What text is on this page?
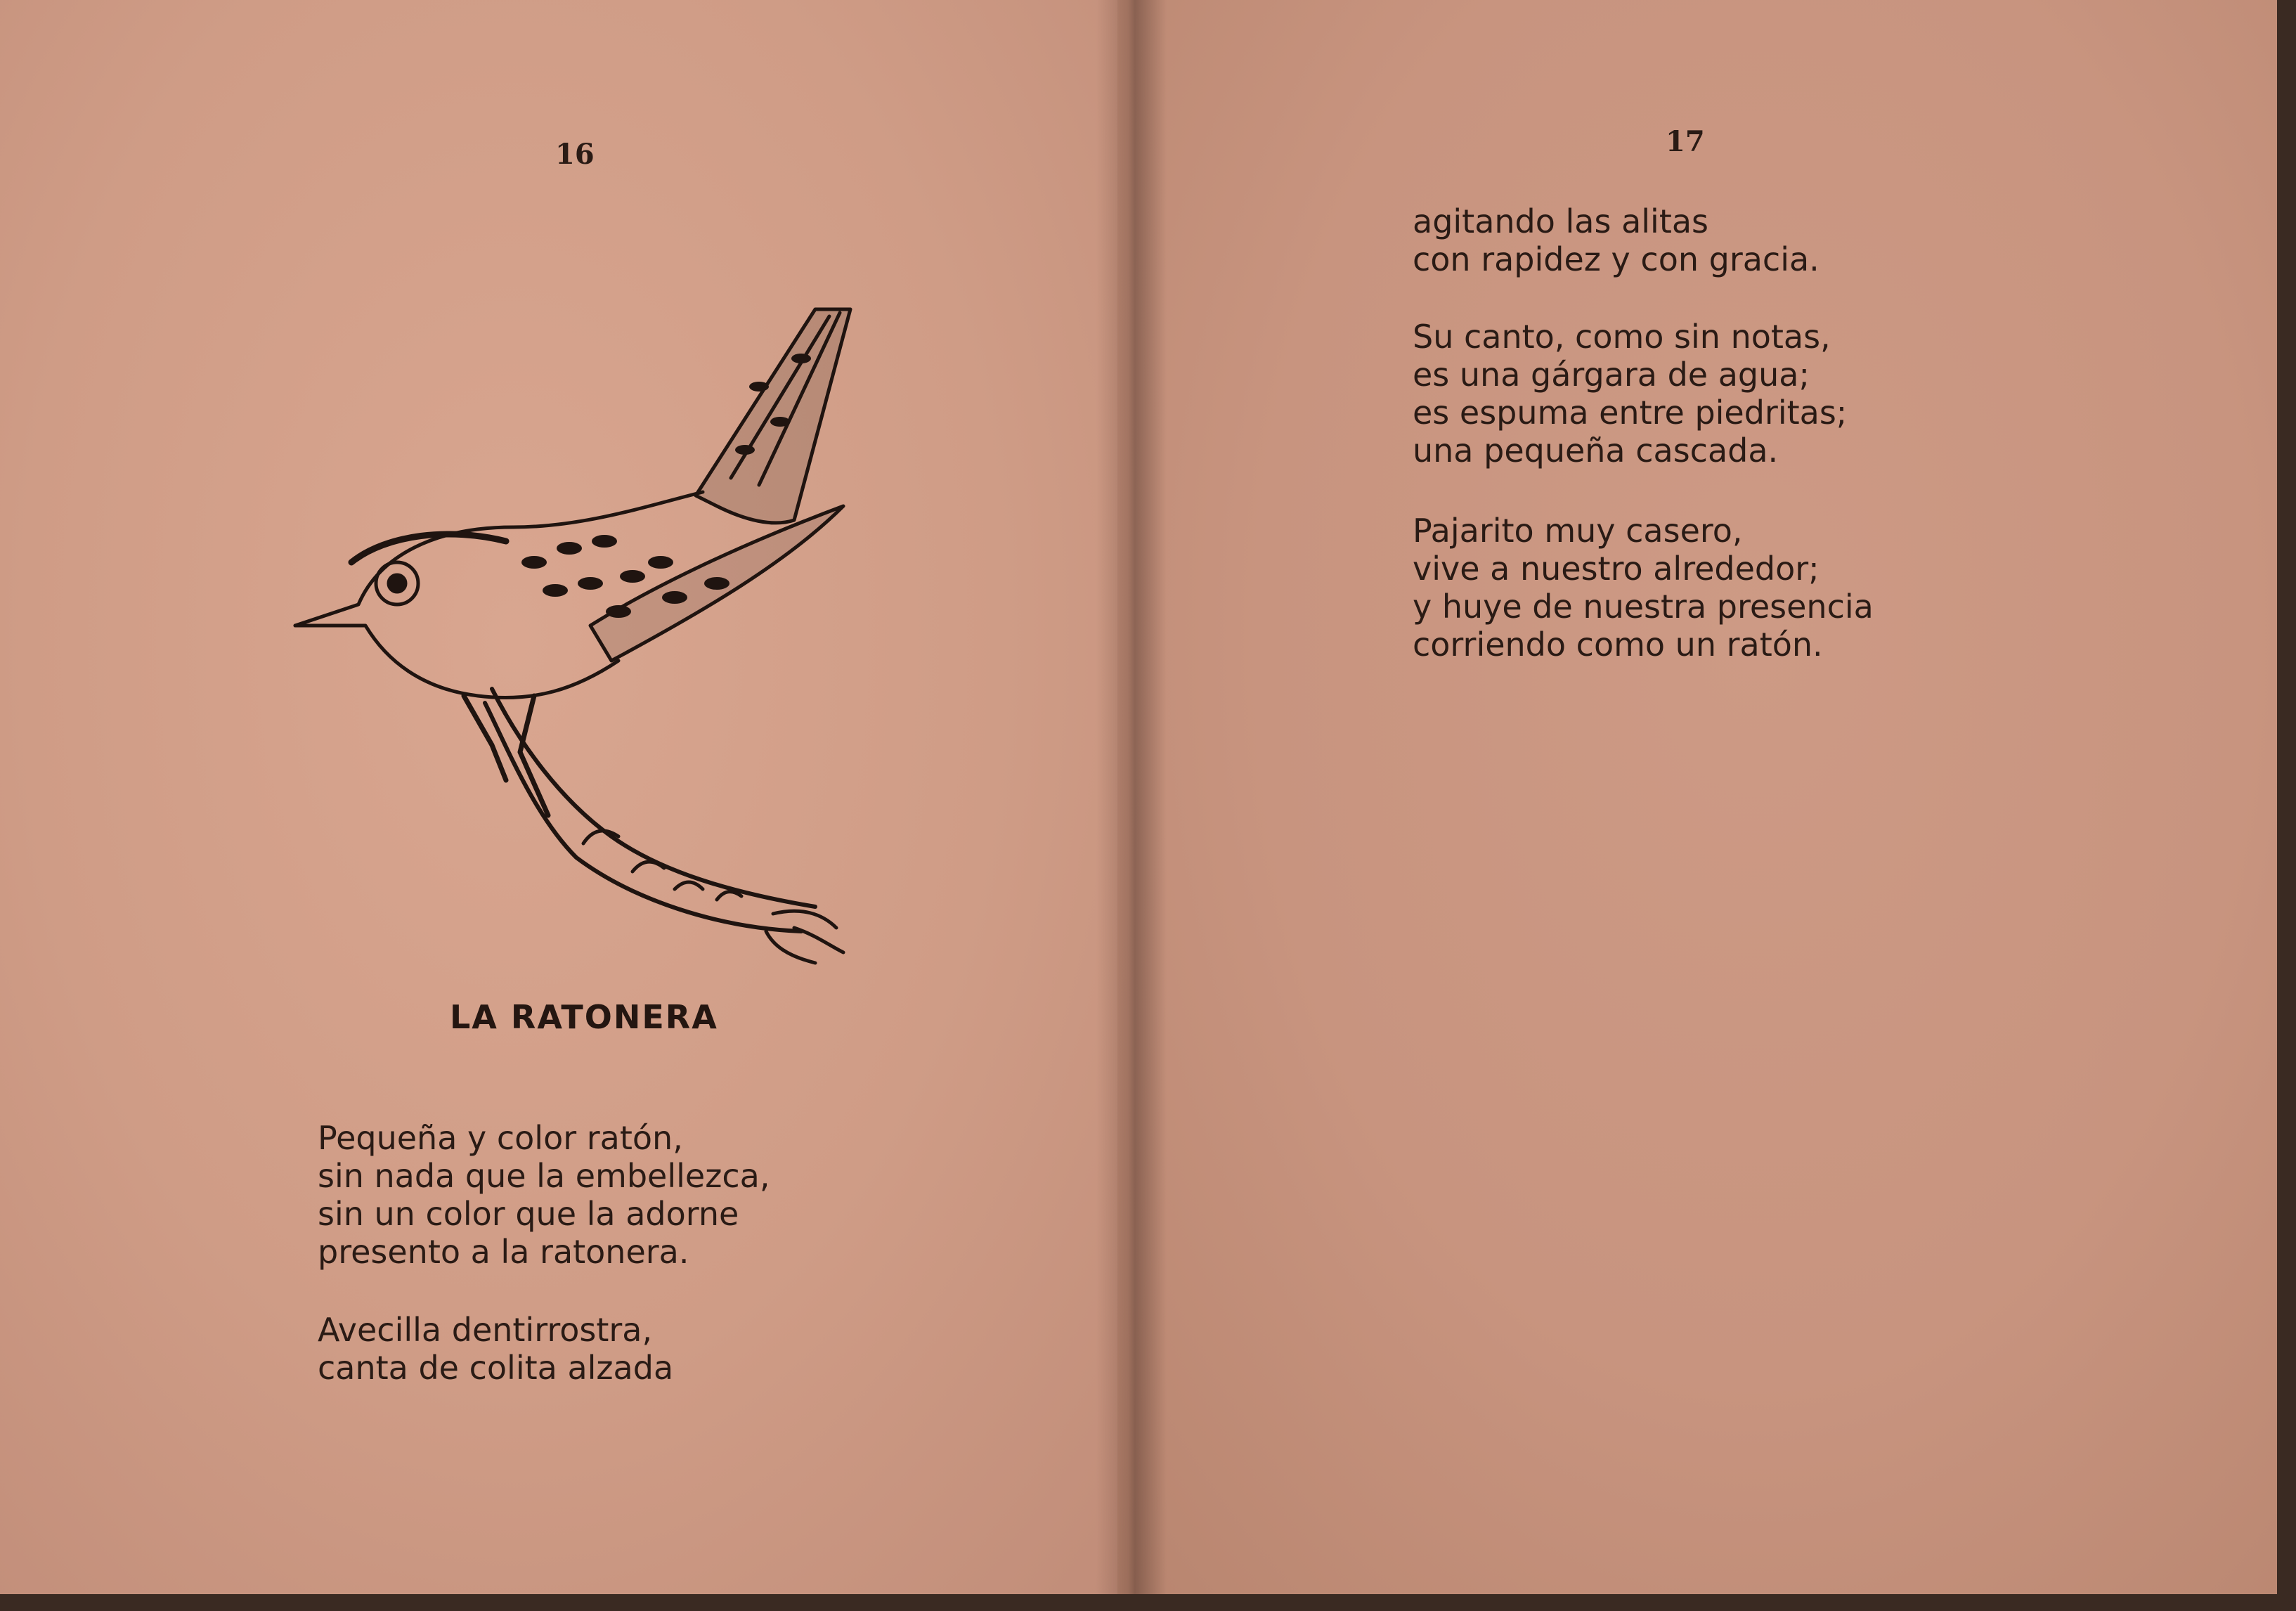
16
LA RATONERA
Pequeña y color ratón,
sin nada que la embellezca,
sin un color que la adorne
presento a la ratonera.
Avecilla dentirrostra,
canta de colita alzada
17
agitando las alitas
con rapidez y con gracia.
Su canto, como sin notas,
es una gárgara de agua;
es espuma entre piedritas;
una pequeña cascada.
Pajarito muy casero,
vive a nuestro alrededor;
y huye de nuestra presencia
corriendo como un ratón.
